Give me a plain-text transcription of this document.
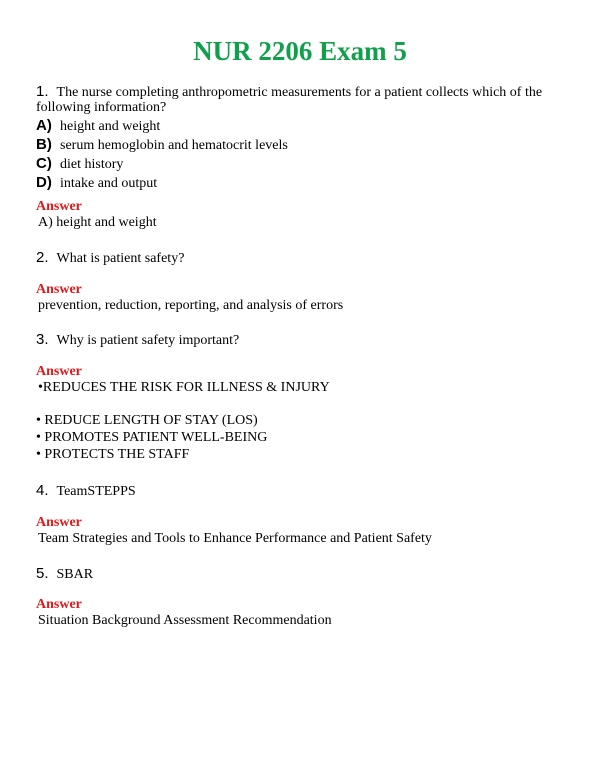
NUR 2206 Exam 5
1. The nurse completing anthropometric measurements for a patient collects which of the following information?
A) height and weight
B) serum hemoglobin and hematocrit levels
C) diet history
D) intake and output
Answer
A) height and weight
2. What is patient safety?
Answer
prevention, reduction, reporting, and analysis of errors
3. Why is patient safety important?
Answer
•REDUCES THE RISK FOR ILLNESS & INJURY
• REDUCE LENGTH OF STAY (LOS)
• PROMOTES PATIENT WELL-BEING
• PROTECTS THE STAFF
4. TeamSTEPPS
Answer
Team Strategies and Tools to Enhance Performance and Patient Safety
5. SBAR
Answer
Situation Background Assessment Recommendation
